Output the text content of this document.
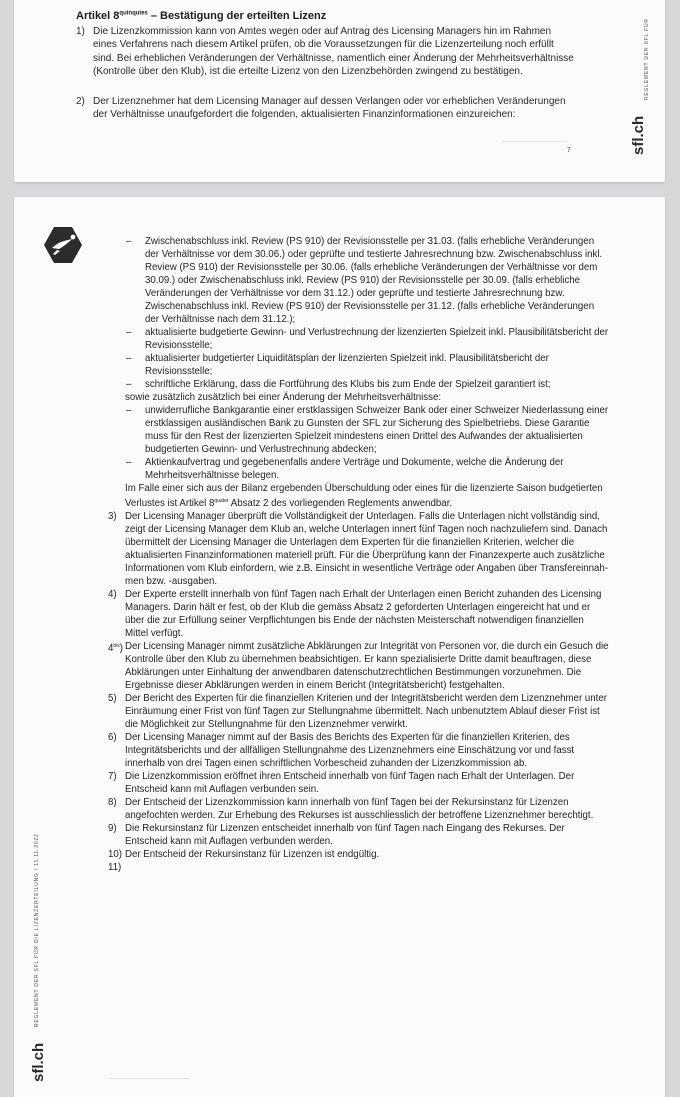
Artikel $8^{quinquies}$ – Bestätigung der erteilten Lizenz
1) Die Lizenzkommission kann von Amtes wegen oder auf Antrag des Licensing Managers hin im Rahmen eines Verfahrens nach diesem Artikel prüfen, ob die Voraussetzungen für die Lizenzerteilung noch erfüllt sind. Bei erheblichen Veränderungen der Verhältnisse, namentlich einer Änderung der Mehrheitsverhältnisse (Kontrolle über den Klub), ist die erteilte Lizenz von den Lizenzbehörden zwingend zu bestätigen.
2) Der Lizenznehmer hat dem Licensing Manager auf dessen Verlangen oder vor erheblichen Veränderungen der Verhältnisse unaufgefordert die folgenden, aktualisierten Finanzinformationen einzureichen:
7	sfl.ch
REGLEMENT DER SFL FÜR
– Zwischenabschluss inkl. Review (PS 910) der Revisionsstelle per 31.03. (falls erhebliche Veränderungen der Verhältnisse vor dem 30.06.) oder geprüfte und testierte Jahresrechnung bzw. Zwischenabschluss inkl. Review (PS 910) der Revisionsstelle per 30.06. (falls erhebliche Veränderungen der Verhältnisse vor dem 30.09.) oder Zwischenabschluss inkl. Review (PS 910) der Revisionsstelle per 30.09. (falls erhebliche Veränderungen der Verhältnisse vor dem 31.12.) oder geprüfte und testierte Jahresrechnung bzw. Zwischenabschluss inkl. Review (PS 910) der Revisionsstelle per 31.12. (falls erhebliche Veränderungen der Verhältnisse nach dem 31.12.);
– aktualisierte budgetierte Gewinn- und Verlustrechnung der lizenzierten Spielzeit inkl. Plausibilitätsbericht der Revisionsstelle;
– aktualisierter budgetierter Liquiditätsplan der lizenzierten Spielzeit inkl. Plausibilitätsbericht der Revisionsstelle;
– schriftliche Erklärung, dass die Fortführung des Klubs bis zum Ende der Spielzeit garantiert ist;
sowie zusätzlich zusätzlich bei einer Änderung der Mehrheitsverhältnisse:
– unwiderrufliche Bankgarantie einer erstklassigen Schweizer Bank oder einer Schweizer Niederlassung einer erstklassigen ausländischen Bank zu Gunsten der SFL zur Sicherung des Spielbetriebs. Diese Garantie muss für den Rest der lizenzierten Spielzeit mindestens einen Drittel des Aufwandes der aktualisierten budgetierten Gewinn- und Verlustrechnung abdecken;
– Aktienkaufvertrag und gegebenenfalls andere Verträge und Dokumente, welche die Änderung der Mehrheitsverhältnisse belegen.
Im Falle einer sich aus der Bilanz ergebenden Überschuldung oder eines für die lizenzierte Saison budgetierten Verlustes ist Artikel $8^{quater}$ Absatz 2 des vorliegenden Reglements anwendbar.
3) Der Licensing Manager überprüft die Vollständigkeit der Unterlagen. Falls die Unterlagen nicht vollständig sind, zeigt der Licensing Manager dem Klub an, welche Unterlagen innert fünf Tagen noch nachzuliefern sind. Danach übermittelt der Licensing Manager die Unterlagen dem Experten für die finanziellen Kriterien, welcher die aktualisierten Finanzinformationen materiell prüft. Für die Überprüfung kann der Finanzexperte auch zusätzliche Informationen vom Klub einfordern, wie z.B. Einsicht in wesentliche Verträge oder Angaben über Transfereinnahmen bzw. -ausgaben.
4) Der Experte erstellt innerhalb von fünf Tagen nach Erhalt der Unterlagen einen Bericht zuhanden des Licensing Managers. Darin hält er fest, ob der Klub die gemäss Absatz 2 geforderten Unterlagen eingereicht hat und er über die zur Erfüllung seiner Verpflichtungen bis Ende der nächsten Meisterschaft notwendigen finanziellen Mittel verfügt.
$4^{bis}$) Der Licensing Manager nimmt zusätzliche Abklärungen zur Integrität von Personen vor, die durch ein Gesuch die Kontrolle über den Klub zu übernehmen beabsichtigen. Er kann spezialisierte Dritte damit beauftragen, diese Abklärungen unter Einhaltung der anwendbaren datenschutzrechtlichen Bestimmungen vorzunehmen. Die Ergebnisse dieser Abklärungen werden in einem Bericht (Integritätsbericht) festgehalten.
5) Der Bericht des Experten für die finanziellen Kriterien und der Integritätsbericht werden dem Lizenznehmer unter Einräumung einer Frist von fünf Tagen zur Stellungnahme übermittelt. Nach unbenutztem Ablauf dieser Frist ist die Möglichkeit zur Stellungnahme für den Lizenznehmer verwirkt.
6) Der Licensing Manager nimmt auf der Basis des Berichts des Experten für die finanziellen Kriterien, des Integritätsberichts und der allfälligen Stellungnahme des Lizenznehmers eine Einschätzung vor und fasst innerhalb von drei Tagen einen schriftlichen Vorbescheid zuhanden der Lizenzkommission ab.
7) Die Lizenzkommission eröffnet ihren Entscheid innerhalb von fünf Tagen nach Erhalt der Unterlagen. Der Entscheid kann mit Auflagen verbunden sein.
8) Der Entscheid der Lizenzkommission kann innerhalb von fünf Tagen bei der Rekursinstanz für Lizenzen angefochten werden. Zur Erhebung des Rekurses ist ausschliesslich der betroffene Lizenznehmer berechtigt.
9) Die Rekursinstanz für Lizenzen entscheidet innerhalb von fünf Tagen nach Eingang des Rekurses. Der Entscheid kann mit Auflagen verbunden werden.
10) Der Entscheid der Rekursinstanz für Lizenzen ist endgültig.
11)
sfl.ch
REGLEMENT DER SFL FÜR DIE LIZENZERTEILUNG / 11.11.2022
